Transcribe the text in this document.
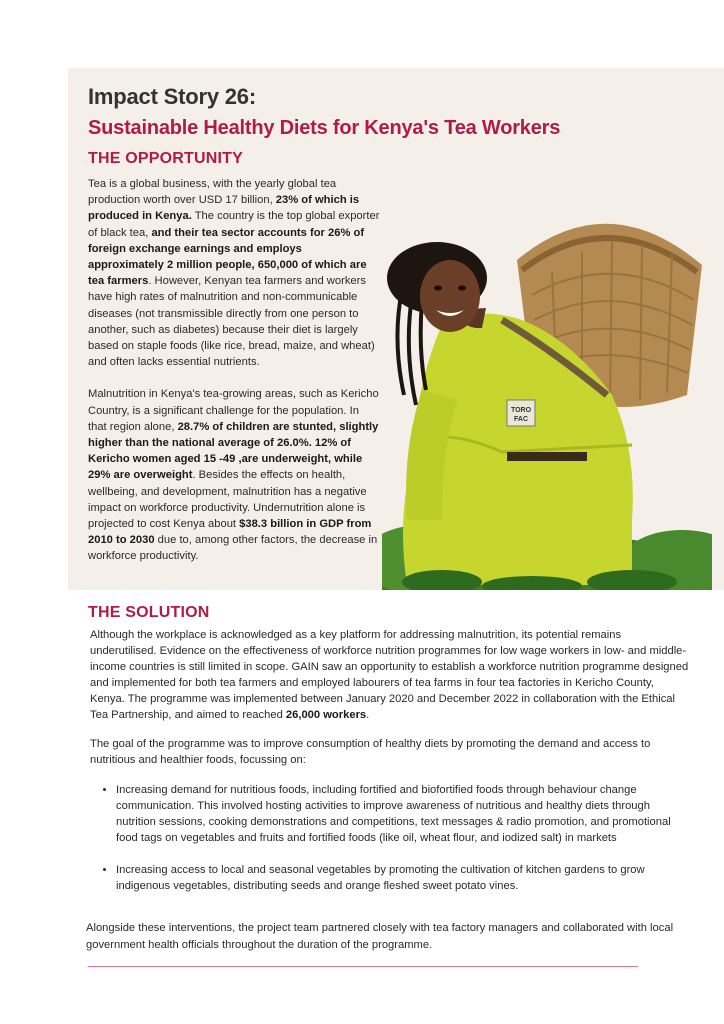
Impact Story 26:
Sustainable Healthy Diets for Kenya's Tea Workers
THE OPPORTUNITY

Tea is a global business, with the yearly global tea production worth over USD 17 billion, 23% of which is produced in Kenya. The country is the top global exporter of black tea, and their tea sector accounts for 26% of foreign exchange earnings and employs approximately 2 million people, 650,000 of which are tea farmers. However, Kenyan tea farmers and workers have high rates of malnutrition and non-communicable diseases (not transmissible directly from one person to another, such as diabetes) because their diet is largely based on staple foods (like rice, bread, maize, and wheat) and often lacks essential nutrients.

Malnutrition in Kenya's tea-growing areas, such as Kericho Country, is a significant challenge for the population. In that region alone, 28.7% of children are stunted, slightly higher than the national average of 26.0%. 12% of Kericho women aged 15 -49 ,are underweight, while 29% are overweight. Besides the effects on health, wellbeing, and development, malnutrition has a negative impact on workforce productivity. Undernutrition alone is projected to cost Kenya about $38.3 billion in GDP from 2010 to 2030 due to, among other factors, the decrease in workforce productivity.

TORO
FAC
THE SOLUTION

Although the workplace is acknowledged as a key platform for addressing malnutrition, its potential remains underutilised. Evidence on the effectiveness of workforce nutrition programmes for low wage workers in low- and middle-income countries is still limited in scope. GAIN saw an opportunity to establish a workforce nutrition programme designed and implemented for both tea farmers and employed labourers of tea farms in four tea factories in Kericho County, Kenya. The programme was implemented between January 2020 and December 2022 in collaboration with the Ethical Tea Partnership, and aimed to reached 26,000 workers.

The goal of the programme was to improve consumption of healthy diets by promoting the demand and access to nutritious and healthier foods, focussing on:

• Increasing demand for nutritious foods, including fortified and biofortified foods through behaviour change communication. This involved hosting activities to improve awareness of nutritious and healthy diets through nutrition sessions, cooking demonstrations and competitions, text messages & radio promotion, and promotional food tags on vegetables and fruits and fortified foods (like oil, wheat flour, and iodized salt) in markets
• Increasing access to local and seasonal vegetables by promoting the cultivation of kitchen gardens to grow indigenous vegetables, distributing seeds and orange fleshed sweet potato vines.

Alongside these interventions, the project team partnered closely with tea factory managers and collaborated with local government health officials throughout the duration of the programme.
